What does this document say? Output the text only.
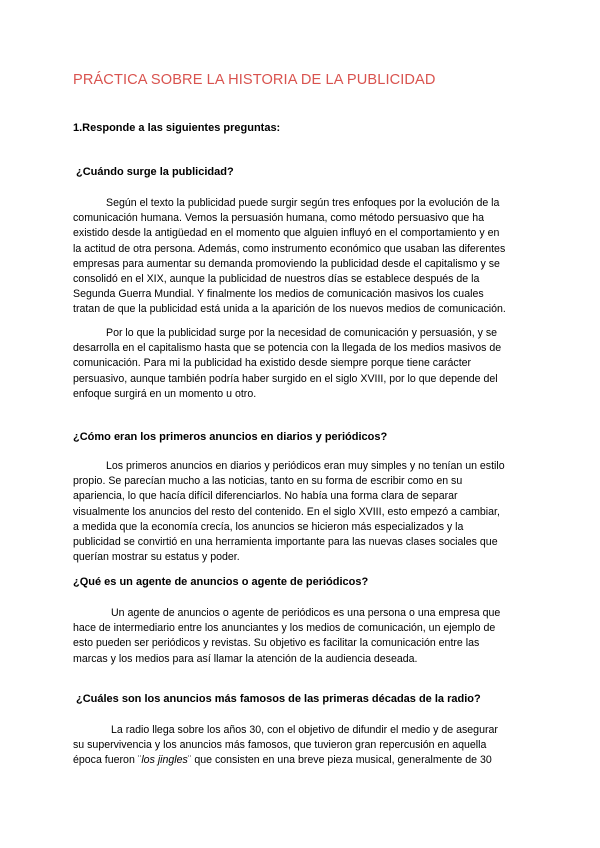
PRÁCTICA SOBRE LA HISTORIA DE LA PUBLICIDAD

1.Responde a las siguientes preguntas:

¿Cuándo surge la publicidad?

Según el texto la publicidad puede surgir según tres enfoques por la evolución de la
comunicación humana. Vemos la persuasión humana, como método persuasivo que ha
existido desde la antigüedad en el momento que alguien influyó en el comportamiento y en
la actitud de otra persona. Además, como instrumento económico que usaban las diferentes
empresas para aumentar su demanda promoviendo la publicidad desde el capitalismo y se
consolidó en el XIX, aunque la publicidad de nuestros días se establece después de la
Segunda Guerra Mundial. Y finalmente los medios de comunicación masivos los cuales
tratan de que la publicidad está unida a la aparición de los nuevos medios de comunicación.
Por lo que la publicidad surge por la necesidad de comunicación y persuasión, y se
desarrolla en el capitalismo hasta que se potencia con la llegada de los medios masivos de
comunicación. Para mi la publicidad ha existido desde siempre porque tiene carácter
persuasivo, aunque también podría haber surgido en el siglo XVIII, por lo que depende del
enfoque surgirá en un momento u otro.

¿Cómo eran los primeros anuncios en diarios y periódicos?

Los primeros anuncios en diarios y periódicos eran muy simples y no tenían un estilo
propio. Se parecían mucho a las noticias, tanto en su forma de escribir como en su
apariencia, lo que hacía difícil diferenciarlos. No había una forma clara de separar
visualmente los anuncios del resto del contenido. En el siglo XVIII, esto empezó a cambiar,
a medida que la economía crecía, los anuncios se hicieron más especializados y la
publicidad se convirtió en una herramienta importante para las nuevas clases sociales que
querían mostrar su estatus y poder.

¿Qué es un agente de anuncios o agente de periódicos?

Un agente de anuncios o agente de periódicos es una persona o una empresa que
hace de intermediario entre los anunciantes y los medios de comunicación, un ejemplo de
esto pueden ser periódicos y revistas. Su objetivo es facilitar la comunicación entre las
marcas y los medios para así llamar la atención de la audiencia deseada.

¿Cuáles son los anuncios más famosos de las primeras décadas de la radio?

La radio llega sobre los años 30, con el objetivo de difundir el medio y de asegurar
su supervivencia y los anuncios más famosos, que tuvieron gran repercusión en aquella
época fueron ¨los jingles¨ que consisten en una breve pieza musical, generalmente de 30
